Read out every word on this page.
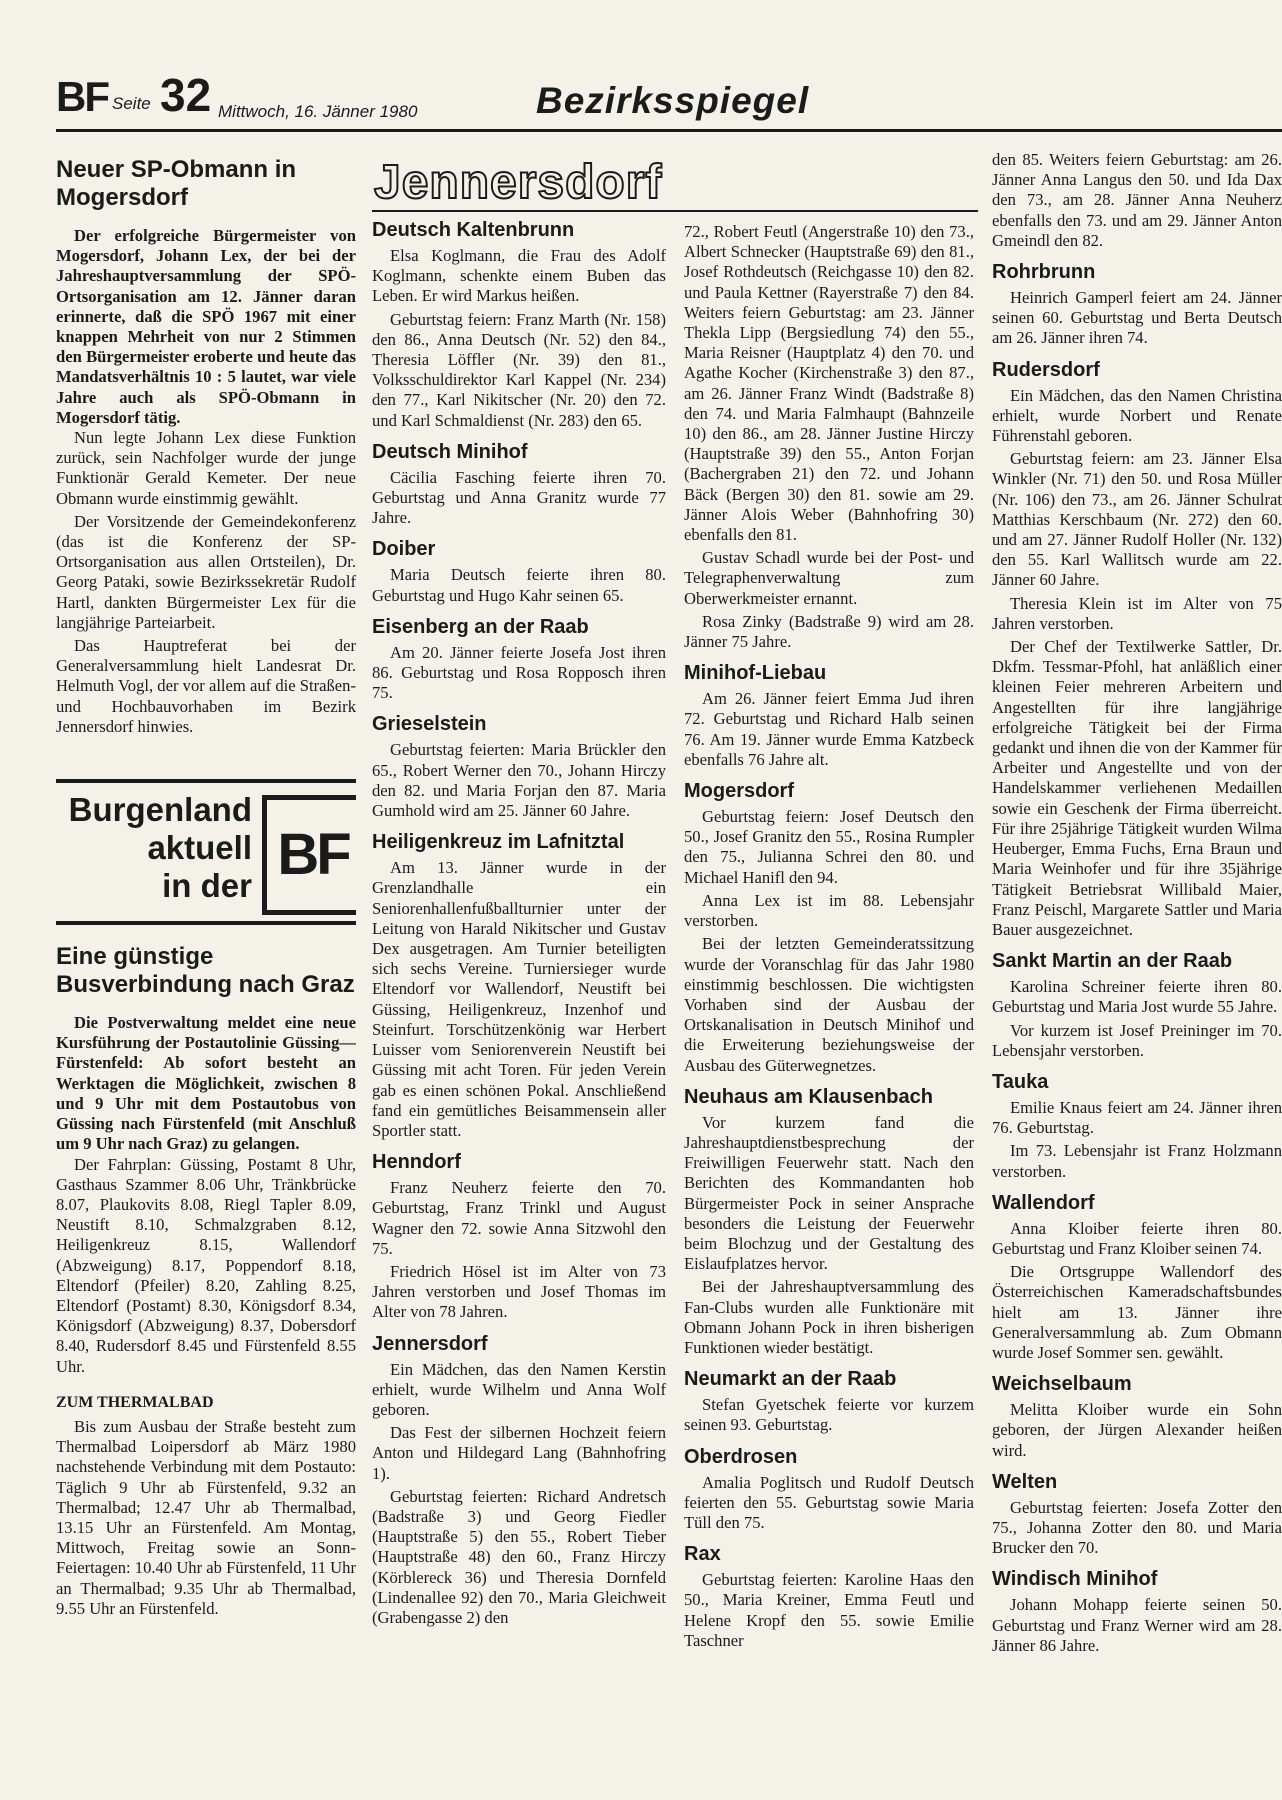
BF Seite 32 Mittwoch, 16. Jänner 1980	Bezirksspiegel
Neuer SP-Obmann in Mogersdorf

Der erfolgreiche Bürgermeister von Mogersdorf, Johann Lex, der bei der Jahreshauptversammlung der SPÖ-Ortsorganisation am 12. Jänner daran erinnerte, daß die SPÖ 1967 mit einer knappen Mehrheit von nur 2 Stimmen den Bürgermeister eroberte und heute das Mandatsverhältnis 10 : 5 lautet, war viele Jahre auch als SPÖ-Obmann in Mogersdorf tätig.

Nun legte Johann Lex diese Funktion zurück, sein Nachfolger wurde der junge Funktionär Gerald Kemeter. Der neue Obmann wurde einstimmig gewählt.

Der Vorsitzende der Gemeindekonferenz (das ist die Konferenz der SP-Ortsorganisation aus allen Ortsteilen), Dr. Georg Pataki, sowie Bezirkssekretär Rudolf Hartl, dankten Bürgermeister Lex für die langjährige Parteiarbeit.

Das Hauptreferat bei der Generalversammlung hielt Landesrat Dr. Helmuth Vogl, der vor allem auf die Straßen- und Hochbauvorhaben im Bezirk Jennersdorf hinwies.

Burgenland
aktuell
in der BF
Eine günstige Busverbindung nach Graz

Die Postverwaltung meldet eine neue Kursführung der Postautolinie Güssing—Fürstenfeld: Ab sofort besteht an Werktagen die Möglichkeit, zwischen 8 und 9 Uhr mit dem Postautobus von Güssing nach Fürstenfeld (mit Anschluß um 9 Uhr nach Graz) zu gelangen.

Der Fahrplan: Güssing, Postamt 8 Uhr, Gasthaus Szammer 8.06 Uhr, Tränkbrücke 8.07, Plaukovits 8.08, Riegl Tapler 8.09, Neustift 8.10, Schmalzgraben 8.12, Heiligenkreuz 8.15, Wallendorf (Abzweigung) 8.17, Poppendorf 8.18, Eltendorf (Pfeiler) 8.20, Zahling 8.25, Eltendorf (Postamt) 8.30, Königsdorf 8.34, Königsdorf (Abzweigung) 8.37, Dobersdorf 8.40, Rudersdorf 8.45 und Fürstenfeld 8.55 Uhr.

ZUM THERMALBAD

Bis zum Ausbau der Straße besteht zum Thermalbad Loipersdorf ab März 1980 nachstehende Verbindung mit dem Postauto: Täglich 9 Uhr ab Fürstenfeld, 9.32 an Thermalbad; 12.47 Uhr ab Thermalbad, 13.15 Uhr an Fürstenfeld. Am Montag, Mittwoch, Freitag sowie an Sonn- Feiertagen: 10.40 Uhr ab Fürstenfeld, 11 Uhr an Thermalbad; 9.35 Uhr ab Thermalbad, 9.55 Uhr an Fürstenfeld.

Jennersdorf
Deutsch Kaltenbrunn

Elsa Koglmann, die Frau des Adolf Koglmann, schenkte einem Buben das Leben. Er wird Markus heißen.

Geburtstag feiern: Franz Marth (Nr. 158) den 86., Anna Deutsch (Nr. 52) den 84., Theresia Löffler (Nr. 39) den 81., Volksschuldirektor Karl Kappel (Nr. 234) den 77., Karl Nikitscher (Nr. 20) den 72. und Karl Schmaldienst (Nr. 283) den 65.

Deutsch Minihof

Cäcilia Fasching feierte ihren 70. Geburtstag und Anna Granitz wurde 77 Jahre.

Doiber

Maria Deutsch feierte ihren 80. Geburtstag und Hugo Kahr seinen 65.

Eisenberg an der Raab

Am 20. Jänner feierte Josefa Jost ihren 86. Geburtstag und Rosa Ropposch ihren 75.

Grieselstein

Geburtstag feierten: Maria Brückler den 65., Robert Werner den 70., Johann Hirczy den 82. und Maria Forjan den 87. Maria Gumhold wird am 25. Jänner 60 Jahre.

Heiligenkreuz im Lafnitztal

Am 13. Jänner wurde in der Grenzlandhalle ein Seniorenhallenfußballturnier unter der Leitung von Harald Nikitscher und Gustav Dex ausgetragen. Am Turnier beteiligten sich sechs Vereine. Turniersieger wurde Eltendorf vor Wallendorf, Neustift bei Güssing, Heiligenkreuz, Inzenhof und Steinfurt. Torschützenkönig war Herbert Luisser vom Seniorenverein Neustift bei Güssing mit acht Toren. Für jeden Verein gab es einen schönen Pokal. Anschließend fand ein gemütliches Beisammensein aller Sportler statt.

Henndorf

Franz Neuherz feierte den 70. Geburtstag, Franz Trinkl und August Wagner den 72. sowie Anna Sitzwohl den 75.

Friedrich Hösel ist im Alter von 73 Jahren verstorben und Josef Thomas im Alter von 78 Jahren.

Jennersdorf

Ein Mädchen, das den Namen Kerstin erhielt, wurde Wilhelm und Anna Wolf geboren.

Das Fest der silbernen Hochzeit feiern Anton und Hildegard Lang (Bahnhofring 1).

Geburtstag feierten: Richard Andretsch (Badstraße 3) und Georg Fiedler (Hauptstraße 5) den 55., Robert Tieber (Hauptstraße 48) den 60., Franz Hirczy (Körblereck 36) und Theresia Dornfeld (Lindenallee 92) den 70., Maria Gleichweit (Grabengasse 2) den

72., Robert Feutl (Angerstraße 10) den 73., Albert Schnecker (Hauptstraße 69) den 81., Josef Rothdeutsch (Reichgasse 10) den 82. und Paula Kettner (Rayerstraße 7) den 84. Weiters feiern Geburtstag: am 23. Jänner Thekla Lipp (Bergsiedlung 74) den 55., Maria Reisner (Hauptplatz 4) den 70. und Agathe Kocher (Kirchenstraße 3) den 87., am 26. Jänner Franz Windt (Badstraße 8) den 74. und Maria Falmhaupt (Bahnzeile 10) den 86., am 28. Jänner Justine Hirczy (Hauptstraße 39) den 55., Anton Forjan (Bachergraben 21) den 72. und Johann Bäck (Bergen 30) den 81. sowie am 29. Jänner Alois Weber (Bahnhofring 30) ebenfalls den 81.

Gustav Schadl wurde bei der Post- und Telegraphenverwaltung zum Oberwerkmeister ernannt.

Rosa Zinky (Badstraße 9) wird am 28. Jänner 75 Jahre.

Minihof-Liebau

Am 26. Jänner feiert Emma Jud ihren 72. Geburtstag und Richard Halb seinen 76. Am 19. Jänner wurde Emma Katzbeck ebenfalls 76 Jahre alt.

Mogersdorf

Geburtstag feiern: Josef Deutsch den 50., Josef Granitz den 55., Rosina Rumpler den 75., Julianna Schrei den 80. und Michael Hanifl den 94.

Anna Lex ist im 88. Lebensjahr verstorben.

Bei der letzten Gemeinderatssitzung wurde der Voranschlag für das Jahr 1980 einstimmig beschlossen. Die wichtigsten Vorhaben sind der Ausbau der Ortskanalisation in Deutsch Minihof und die Erweiterung beziehungsweise der Ausbau des Güterwegnetzes.

Neuhaus am Klausenbach

Vor kurzem fand die Jahreshauptdienstbesprechung der Freiwilligen Feuerwehr statt. Nach den Berichten des Kommandanten hob Bürgermeister Pock in seiner Ansprache besonders die Leistung der Feuerwehr beim Blochzug und der Gestaltung des Eislaufplatzes hervor.

Bei der Jahreshauptversammlung des Fan-Clubs wurden alle Funktionäre mit Obmann Johann Pock in ihren bisherigen Funktionen wieder bestätigt.

Neumarkt an der Raab

Stefan Gyetschek feierte vor kurzem seinen 93. Geburtstag.

Oberdrosen

Amalia Poglitsch und Rudolf Deutsch feierten den 55. Geburtstag sowie Maria Tüll den 75.

Rax

Geburtstag feierten: Karoline Haas den 50., Maria Kreiner, Emma Feutl und Helene Kropf den 55. sowie Emilie Taschner

den 85. Weiters feiern Geburtstag: am 26. Jänner Anna Langus den 50. und Ida Dax den 73., am 28. Jänner Anna Neuherz ebenfalls den 73. und am 29. Jänner Anton Gmeindl den 82.

Rohrbrunn

Heinrich Gamperl feiert am 24. Jänner seinen 60. Geburtstag und Berta Deutsch am 26. Jänner ihren 74.

Rudersdorf

Ein Mädchen, das den Namen Christina erhielt, wurde Norbert und Renate Führenstahl geboren.

Geburtstag feiern: am 23. Jänner Elsa Winkler (Nr. 71) den 50. und Rosa Müller (Nr. 106) den 73., am 26. Jänner Schulrat Matthias Kerschbaum (Nr. 272) den 60. und am 27. Jänner Rudolf Holler (Nr. 132) den 55. Karl Wallitsch wurde am 22. Jänner 60 Jahre.

Theresia Klein ist im Alter von 75 Jahren verstorben.

Der Chef der Textilwerke Sattler, Dr. Dkfm. Tessmar-Pfohl, hat anläßlich einer kleinen Feier mehreren Arbeitern und Angestellten für ihre langjährige erfolgreiche Tätigkeit bei der Firma gedankt und ihnen die von der Kammer für Arbeiter und Angestellte und von der Handelskammer verliehenen Medaillen sowie ein Geschenk der Firma überreicht. Für ihre 25jährige Tätigkeit wurden Wilma Heuberger, Emma Fuchs, Erna Braun und Maria Weinhofer und für ihre 35jährige Tätigkeit Betriebsrat Willibald Maier, Franz Peischl, Margarete Sattler und Maria Bauer ausgezeichnet.

Sankt Martin an der Raab

Karolina Schreiner feierte ihren 80. Geburtstag und Maria Jost wurde 55 Jahre.

Vor kurzem ist Josef Preininger im 70. Lebensjahr verstorben.

Tauka

Emilie Knaus feiert am 24. Jänner ihren 76. Geburtstag.

Im 73. Lebensjahr ist Franz Holzmann verstorben.

Wallendorf

Anna Kloiber feierte ihren 80. Geburtstag und Franz Kloiber seinen 74.

Die Ortsgruppe Wallendorf des Österreichischen Kameradschaftsbundes hielt am 13. Jänner ihre Generalversammlung ab. Zum Obmann wurde Josef Sommer sen. gewählt.

Weichselbaum

Melitta Kloiber wurde ein Sohn geboren, der Jürgen Alexander heißen wird.

Welten

Geburtstag feierten: Josefa Zotter den 75., Johanna Zotter den 80. und Maria Brucker den 70.

Windisch Minihof

Johann Mohapp feierte seinen 50. Geburtstag und Franz Werner wird am 28. Jänner 86 Jahre.
